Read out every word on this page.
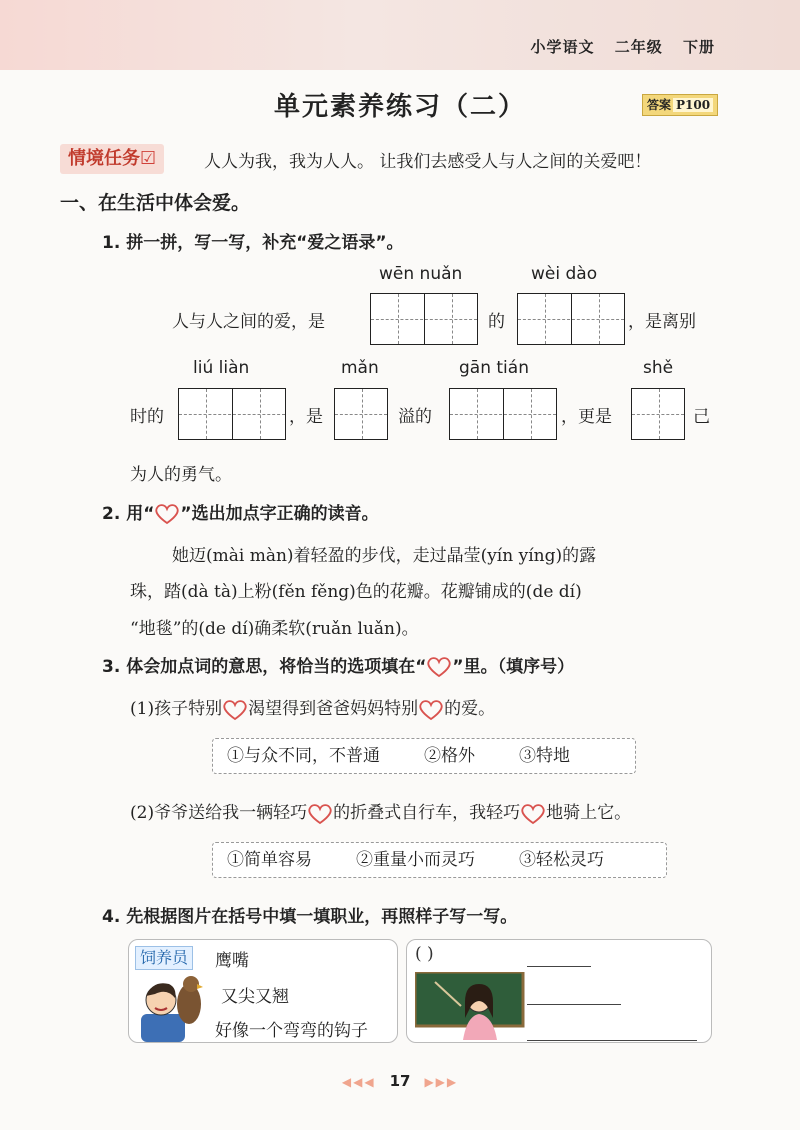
小学语文 二年级 下册
单元素养练习（二）	答案 P100
情境任务☑	人人为我，我为人人。 让我们去感受人与人之间的关爱吧！
一、在生活中体会爱。
1. 拼一拼，写一写，补充“爱之语录”。
wēn nuǎn	wèi dào
人与人之间的爱，是	的	，是离别
liú liàn	mǎn	gān tián	shě
时的	，是	溢的	，更是	己
为人的勇气。
2. 用“ ”选出加点字正确的读音。
她迈(mài màn)着轻盈的步伐，走过晶莹(yín yíng)的露
珠，踏(dà tà)上粉(fěn fěng)色的花瓣。花瓣铺成的(de dí)
“地毯”的(de dí)确柔软(ruǎn luǎn)。
3. 体会加点词的意思，将恰当的选项填在“ ”里。（填序号）
(1)孩子特别 渴望得到爸爸妈妈特别 的爱。
①与众不同，不普通	②格外	③特地
(2)爷爷送给我一辆轻巧 的折叠式自行车，我轻巧 地骑上它。
①简单容易	②重量小而灵巧	③轻松灵巧
4. 先根据图片在括号中填一填职业，再照样子写一写。
饲养员 鹰嘴
又尖又翘
好像一个弯弯的钩子
( )
◀◀◀ 17 ▶▶▶
